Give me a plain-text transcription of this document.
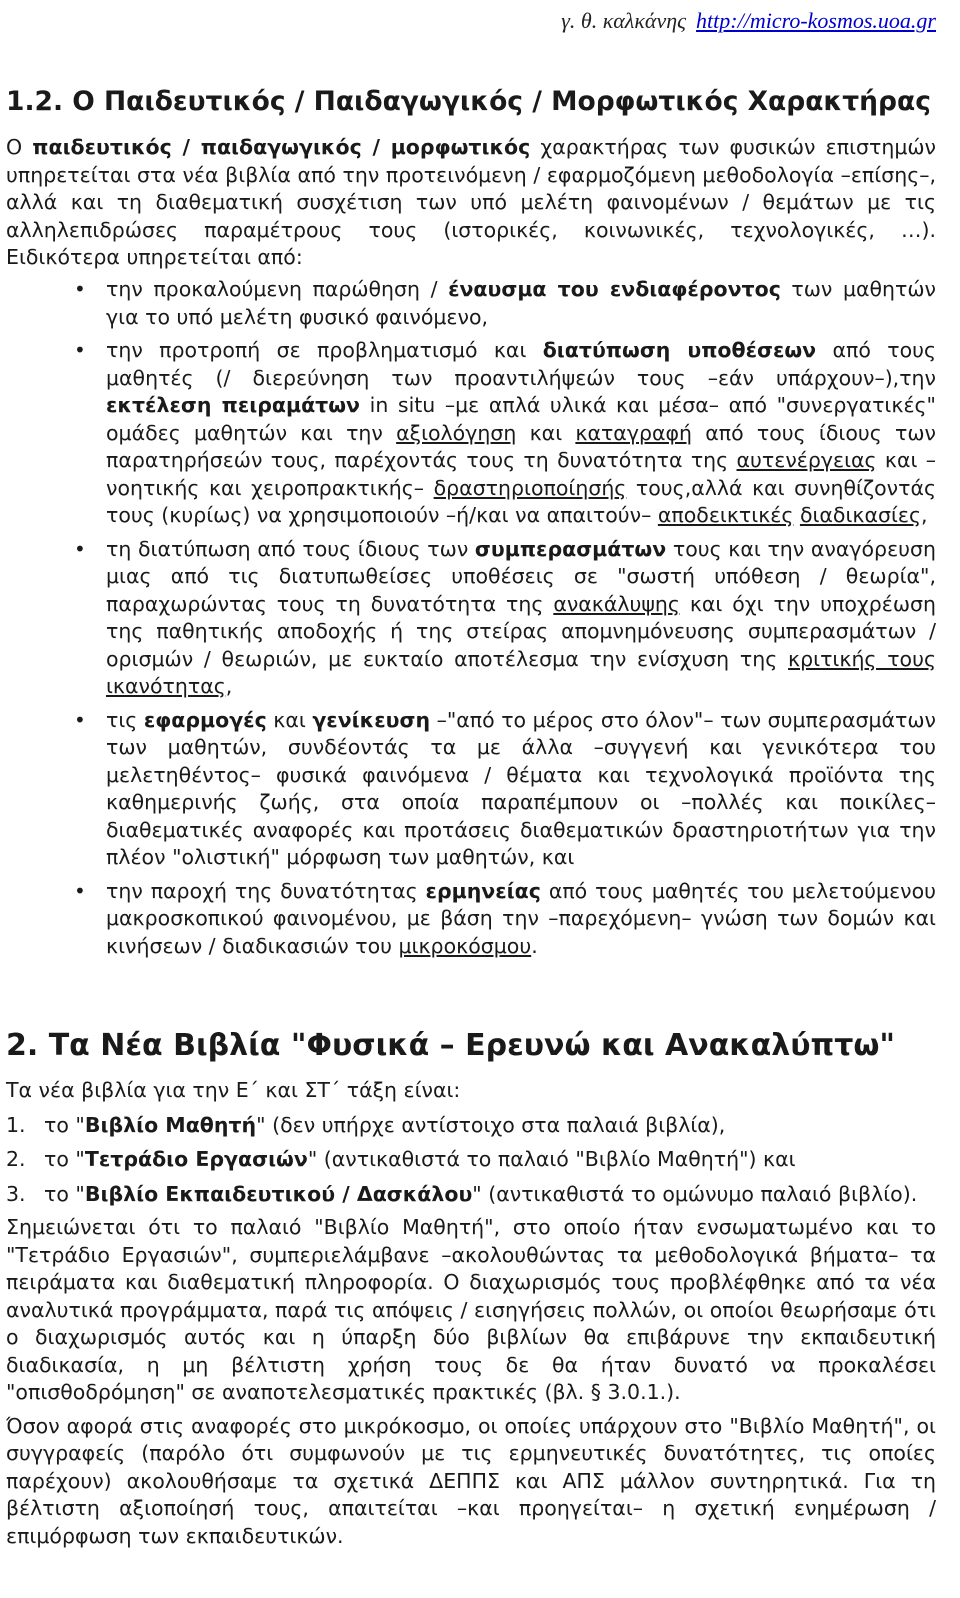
γ. θ. καλκάνης http://micro-kosmos.uoa.gr
1.2. Ο Παιδευτικός / Παιδαγωγικός / Μορφωτικός Χαρακτήρας

Ο παιδευτικός / παιδαγωγικός / μορφωτικός χαρακτήρας των φυσικών επιστημών υπηρετείται στα νέα βιβλία από την προτεινόμενη / εφαρμοζόμενη μεθοδολογία –επίσης–, αλλά και τη διαθεματική συσχέτιση των υπό μελέτη φαινομένων / θεμάτων με τις αλληλεπιδρώσες παραμέτρους τους (ιστορικές, κοινωνικές, τεχνολογικές, …). Ειδικότερα υπηρετείται από:

• την προκαλούμενη παρώθηση / έναυσμα του ενδιαφέροντος των μαθητών για το υπό μελέτη φυσικό φαινόμενο,
• την προτροπή σε προβληματισμό και διατύπωση υποθέσεων από τους μαθητές (/ διερεύνηση των προαντιλήψεών τους –εάν υπάρχουν–),την εκτέλεση πειραμάτων in situ –με απλά υλικά και μέσα– από "συνεργατικές" ομάδες μαθητών και την αξιολόγηση και καταγραφή από τους ίδιους των παρατηρήσεών τους, παρέχοντάς τους τη δυνατότητα της αυτενέργειας και –νοητικής και χειροπρακτικής– δραστηριοποίησής τους,αλλά και συνηθίζοντάς τους (κυρίως) να χρησιμοποιούν –ή/και να απαιτούν– αποδεικτικές διαδικασίες,
• τη διατύπωση από τους ίδιους των συμπερασμάτων τους και την αναγόρευση μιας από τις διατυπωθείσες υποθέσεις σε "σωστή υπόθεση / θεωρία", παραχωρώντας τους τη δυνατότητα της ανακάλυψης και όχι την υποχρέωση της παθητικής αποδοχής ή της στείρας απομνημόνευσης συμπερασμάτων / ορισμών / θεωριών, με ευκταίο αποτέλεσμα την ενίσχυση της κριτικής τους ικανότητας,
• τις εφαρμογές και γενίκευση –"από το μέρος στο όλον"– των συμπερασμάτων των μαθητών, συνδέοντάς τα με άλλα –συγγενή και γενικότερα του μελετηθέντος– φυσικά φαινόμενα / θέματα και τεχνολογικά προϊόντα της καθημερινής ζωής, στα οποία παραπέμπουν οι –πολλές και ποικίλες– διαθεματικές αναφορές και προτάσεις διαθεματικών δραστηριοτήτων για την πλέον "ολιστική" μόρφωση των μαθητών, και
• την παροχή της δυνατότητας ερμηνείας από τους μαθητές του μελετούμενου μακροσκοπικού φαινομένου, με βάση την –παρεχόμενη– γνώση των δομών και κινήσεων / διαδικασιών του μικροκόσμου.
2. Τα Νέα Βιβλία "Φυσικά – Ερευνώ και Ανακαλύπτω"

Τα νέα βιβλία για την Ε΄ και ΣΤ΄ τάξη είναι:

1. το "Βιβλίο Μαθητή" (δεν υπήρχε αντίστοιχο στα παλαιά βιβλία),
2. το "Τετράδιο Εργασιών" (αντικαθιστά το παλαιό "Βιβλίο Μαθητή") και
3. το "Βιβλίο Εκπαιδευτικού / Δασκάλου" (αντικαθιστά το ομώνυμο παλαιό βιβλίο).

Σημειώνεται ότι το παλαιό "Βιβλίο Μαθητή", στο οποίο ήταν ενσωματωμένο και το "Τετράδιο Εργασιών", συμπεριελάμβανε –ακολουθώντας τα μεθοδολογικά βήματα– τα πειράματα και διαθεματική πληροφορία. Ο διαχωρισμός τους προβλέφθηκε από τα νέα αναλυτικά προγράμματα, παρά τις απόψεις / εισηγήσεις πολλών, οι οποίοι θεωρήσαμε ότι ο διαχωρισμός αυτός και η ύπαρξη δύο βιβλίων θα επιβάρυνε την εκπαιδευτική διαδικασία, η μη βέλτιστη χρήση τους δε θα ήταν δυνατό να προκαλέσει "οπισθοδρόμηση" σε αναποτελεσματικές πρακτικές (βλ. § 3.0.1.).

Όσον αφορά στις αναφορές στο μικρόκοσμο, οι οποίες υπάρχουν στο "Βιβλίο Μαθητή", οι συγγραφείς (παρόλο ότι συμφωνούν με τις ερμηνευτικές δυνατότητες, τις οποίες παρέχουν) ακολουθήσαμε τα σχετικά ΔΕΠΠΣ και ΑΠΣ μάλλον συντηρητικά. Για τη βέλτιστη αξιοποίησή τους, απαιτείται –και προηγείται– η σχετική ενημέρωση / επιμόρφωση των εκπαιδευτικών.
